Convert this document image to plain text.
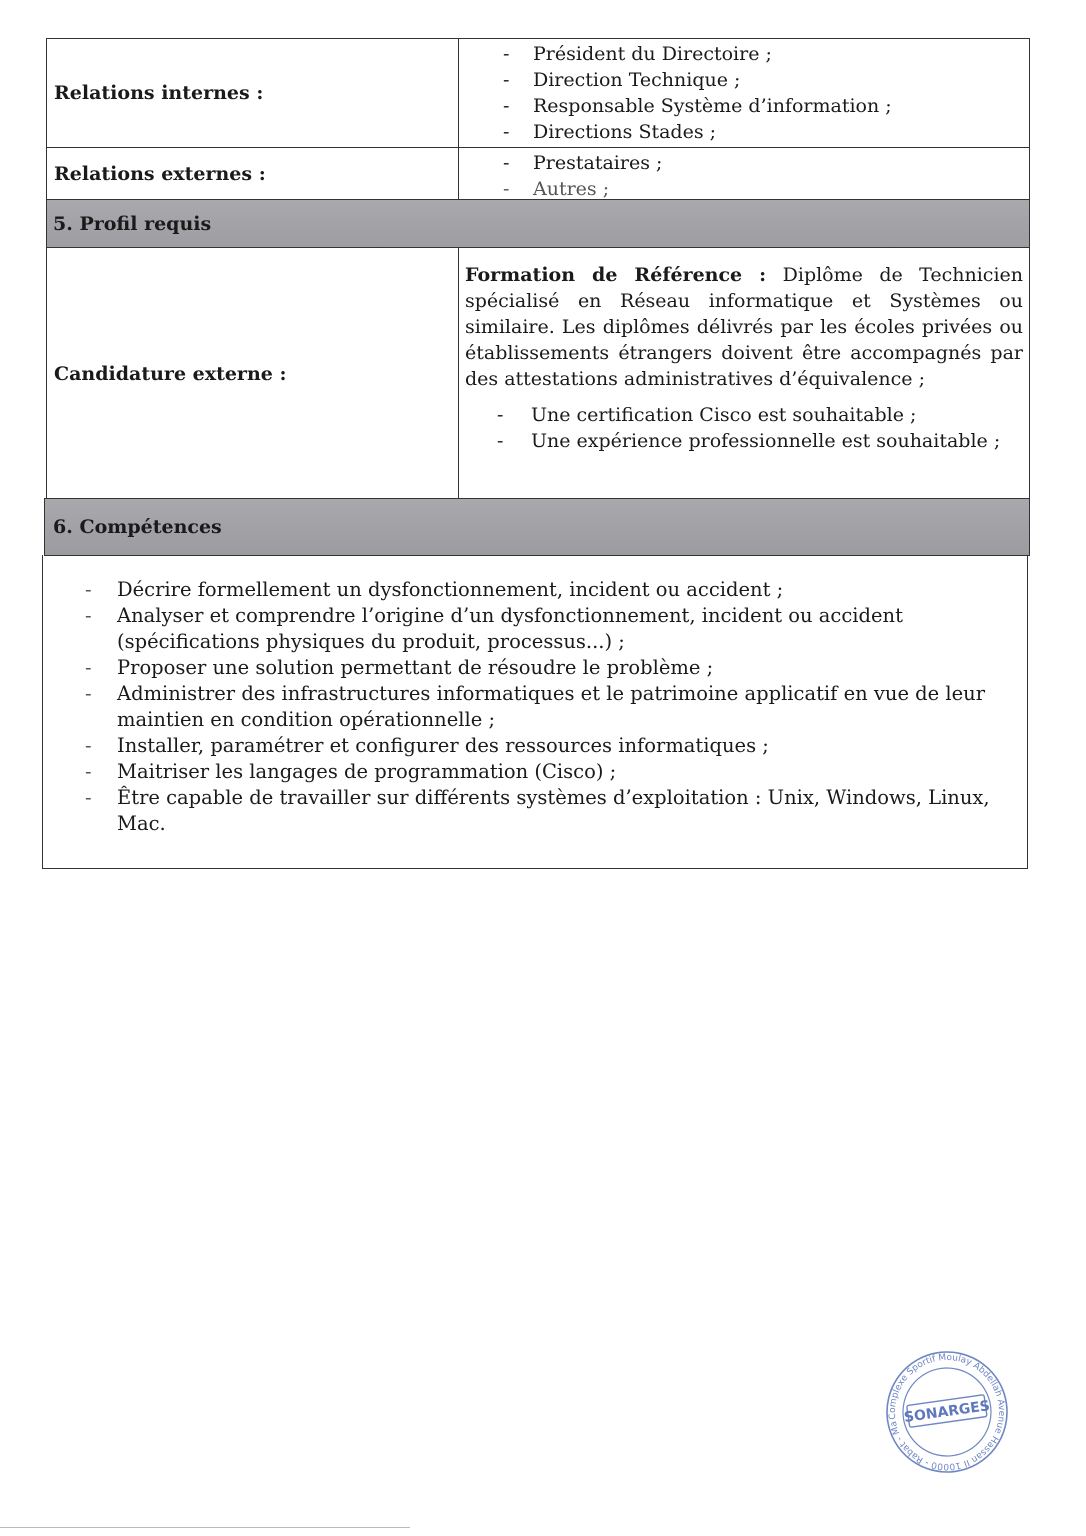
Relations internes :
- Président du Directoire ;
- Direction Technique ;
- Responsable Système d’information ;
- Directions Stades ;
Relations externes :	- Prestataires ;
- Autres ;
5. Profil requis
Candidature externe :
Formation de Référence : Diplôme de Technicien spécialisé en Réseau informatique et Systèmes ou similaire. Les diplômes délivrés par les écoles privées ou établissements étrangers doivent être accompagnés par des attestations administratives d’équivalence ;
- Une certification Cisco est souhaitable ;
- Une expérience professionnelle est souhaitable ;
6. Compétences
- Décrire formellement un dysfonctionnement, incident ou accident ;
- Analyser et comprendre l’origine d’un dysfonctionnement, incident ou accident (spécifications physiques du produit, processus...) ;
- Proposer une solution permettant de résoudre le problème ;
- Administrer des infrastructures informatiques et le patrimoine applicatif en vue de leur maintien en condition opérationnelle ;
- Installer, paramétrer et configurer des ressources informatiques ;
- Maitriser les langages de programmation (Cisco) ;
- Être capable de travailler sur différents systèmes d’exploitation : Unix, Windows, Linux, Mac.
Complexe Sportif Moulay Abdellah Avenue Hassan II 10000 - Rabat - Maroc
SONARGES
